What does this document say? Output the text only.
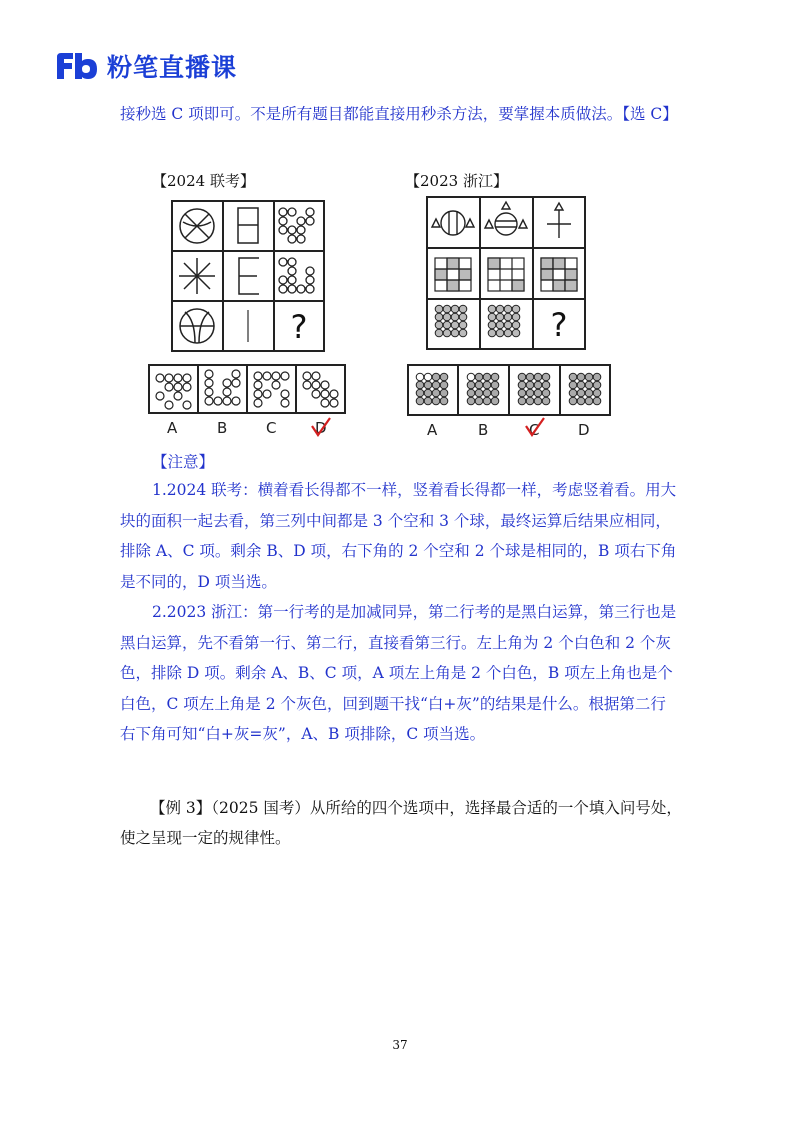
粉笔直播课
接秒选 C 项即可。不是所有题目都能直接用秒杀方法，要掌握本质做法。【选 C】
【2024 联考】	【2023 浙江】
?
A	B	C	D
?
A	B	C	D
【注意】

1.2024 联考：横着看长得都不一样，竖着看长得都一样，考虑竖着看。用大块的面积一起去看，第三列中间都是 3 个空和 3 个球，最终运算后结果应相同，排除 A、C 项。剩余 B、D 项，右下角的 2 个空和 2 个球是相同的，B 项右下角是不同的，D 项当选。

2.2023 浙江：第一行考的是加减同异，第二行考的是黑白运算，第三行也是黑白运算，先不看第一行、第二行，直接看第三行。左上角为 2 个白色和 2 个灰色，排除 D 项。剩余 A、B、C 项，A 项左上角是 2 个白色，B 项左上角也是个白色，C 项左上角是 2 个灰色，回到题干找“白+灰”的结果是什么。根据第二行右下角可知“白+灰=灰”，A、B 项排除，C 项当选。

【例 3】（2025 国考）从所给的四个选项中，选择最合适的一个填入问号处，
使之呈现一定的规律性。
37
